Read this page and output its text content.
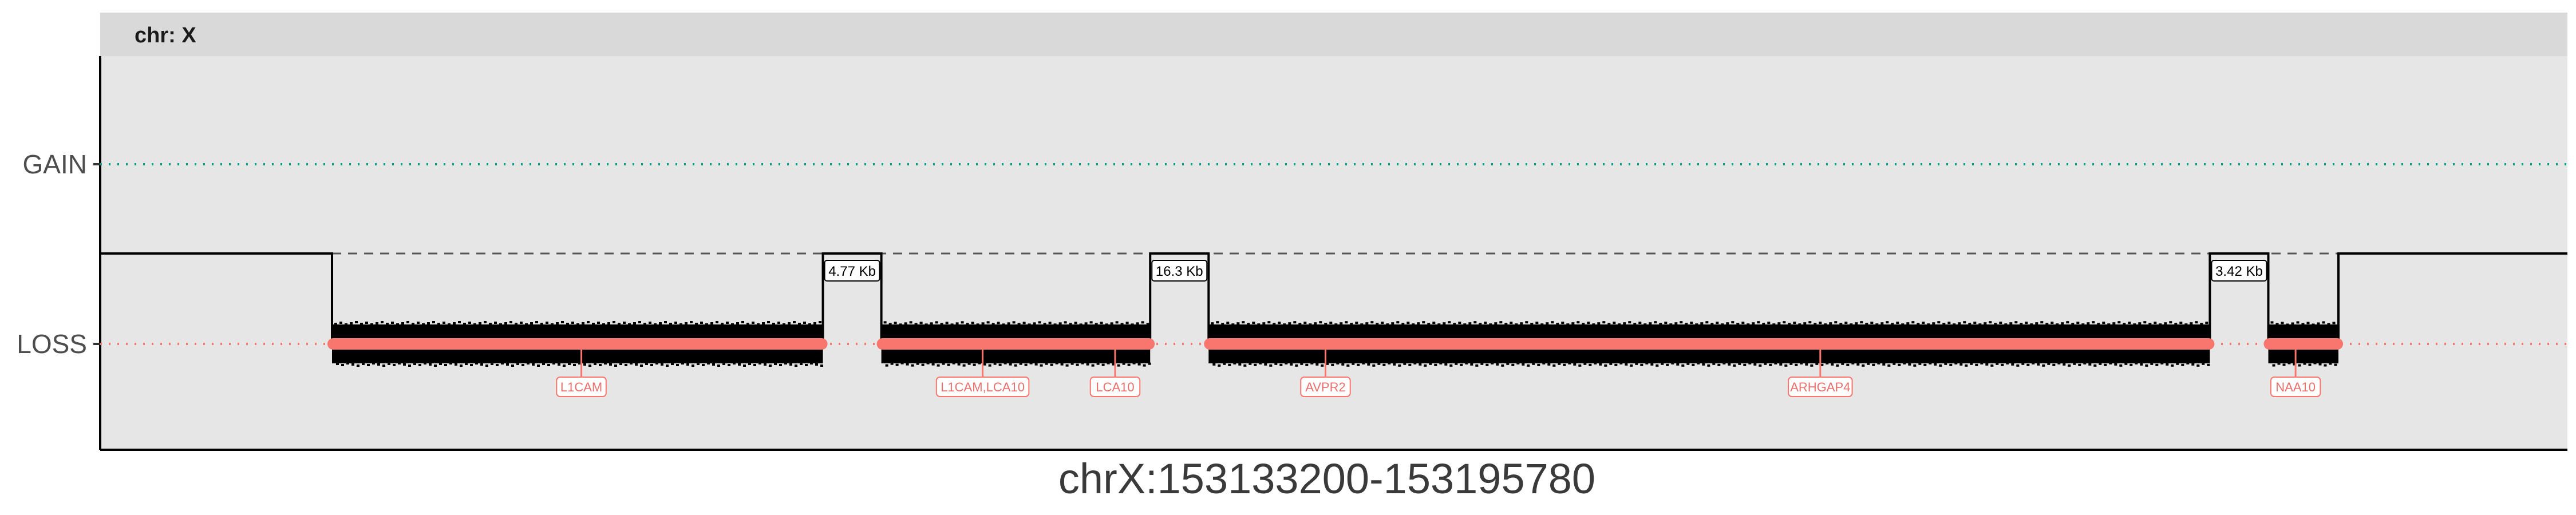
chr: X
GAIN
LOSS
4.77 Kb	16.3 Kb	3.42 Kb
L1CAM	L1CAM,LCA10	LCA10	AVPR2	ARHGAP4	NAA10
chrX:153133200-153195780
